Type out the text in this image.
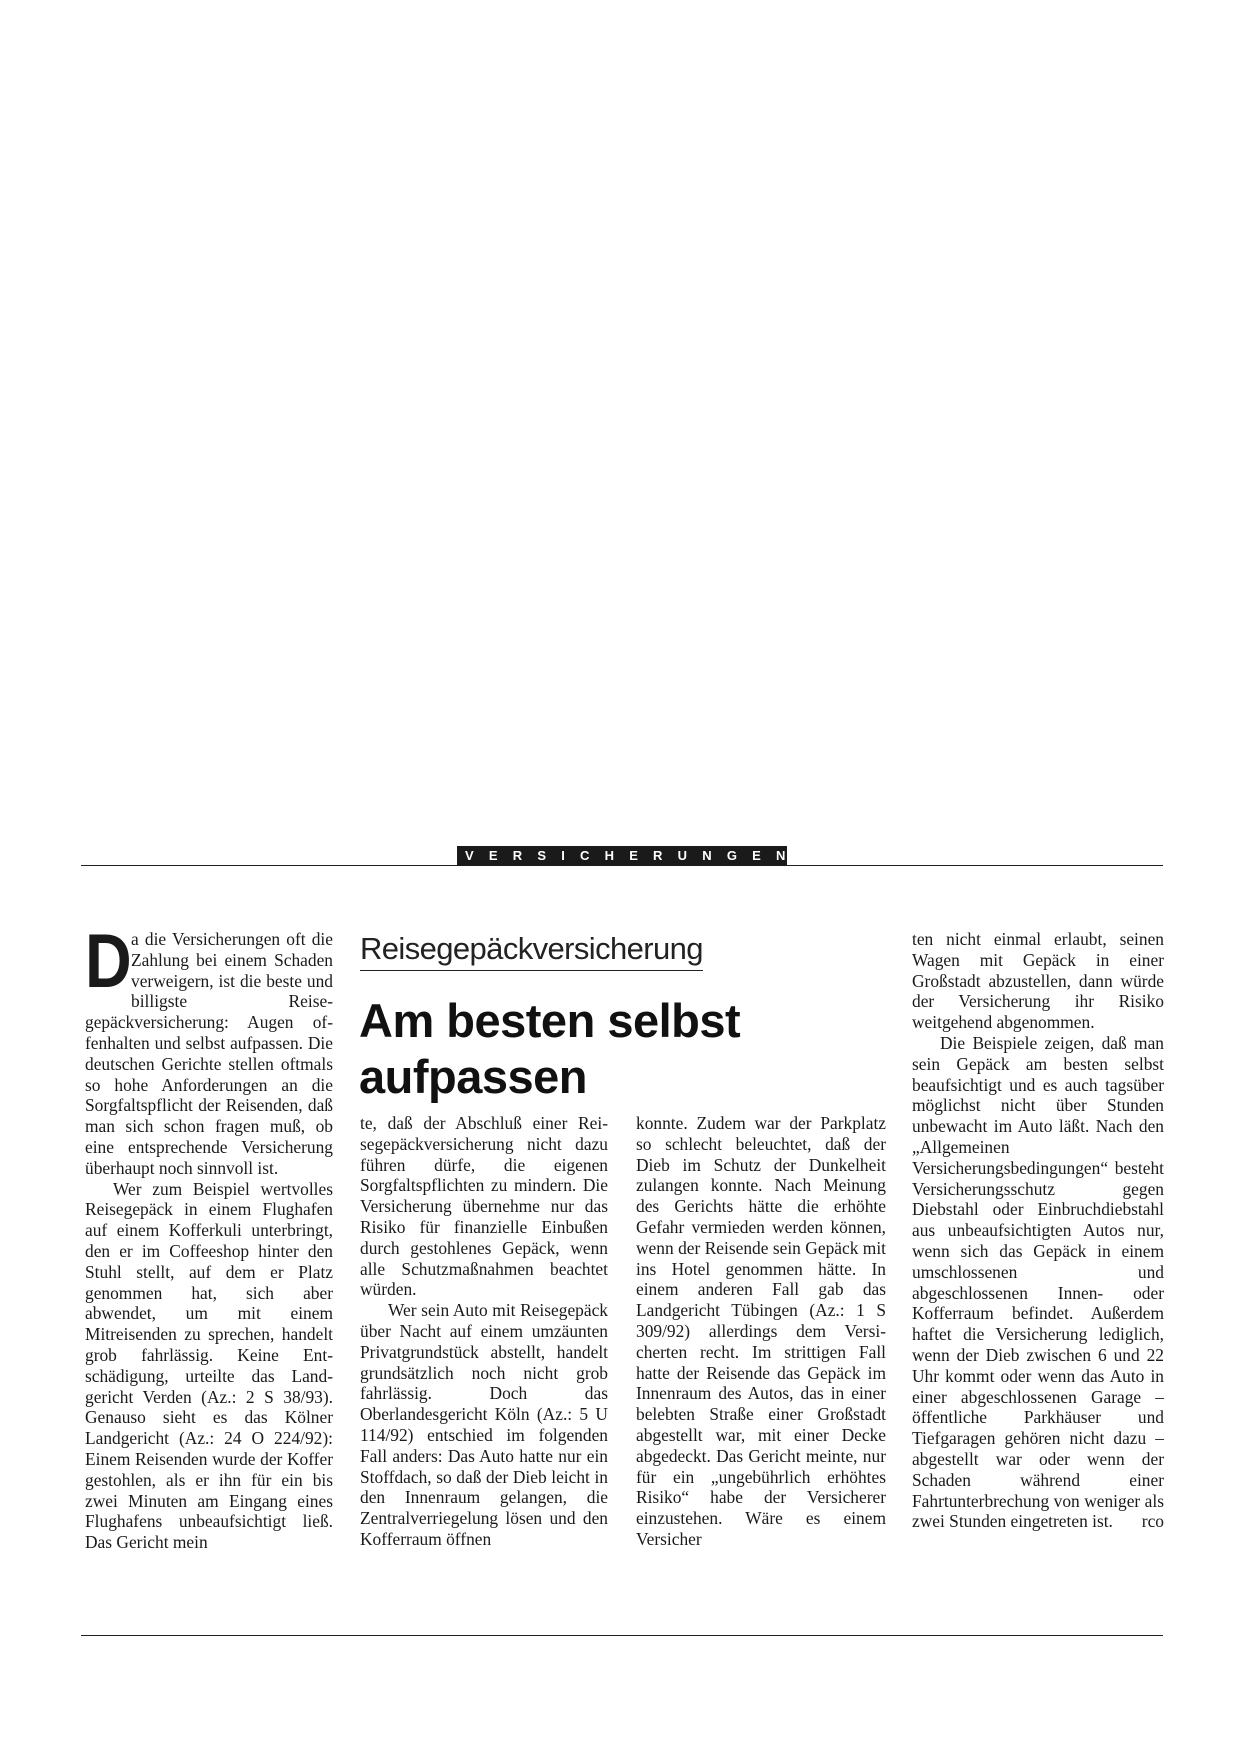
VERSICHERUNGEN
Reisegepäckversicherung
Am besten selbst aufpassen

Da die Versicherungen oft die Zahlung bei einem Schaden verweigern, ist die beste und billigste Reisegepäckversicherung: Augen offenhalten und selbst aufpassen. Die deutschen Gerichte stellen oftmals so hohe Anforderungen an die Sorgfaltspflicht der Reisenden, daß man sich schon fragen muß, ob eine entsprechende Versicherung überhaupt noch sinnvoll ist.

Wer zum Beispiel wertvolles Reisegepäck in einem Flughafen auf einem Kofferkuli unterbringt, den er im Coffeeshop hinter den Stuhl stellt, auf dem er Platz genommen hat, sich aber abwendet, um mit einem Mitreisenden zu sprechen, handelt grob fahrlässig. Keine Entschädigung, urteilte das Landgericht Verden (Az.: 2 S 38/93). Genauso sieht es das Kölner Landgericht (Az.: 24 O 224/92): Einem Reisenden wurde der Koffer gestohlen, als er ihn für ein bis zwei Minuten am Eingang eines Flughafens unbeaufsichtigt ließ. Das Gericht mein

te, daß der Abschluß einer Reisegepäckversicherung nicht dazu führen dürfe, die eigenen Sorgfaltspflichten zu mindern. Die Versicherung übernehme nur das Risiko für finanzielle Einbußen durch gestohlenes Gepäck, wenn alle Schutzmaßnahmen beachtet würden.

Wer sein Auto mit Reisegepäck über Nacht auf einem umzäunten Privatgrundstück abstellt, handelt grundsätzlich noch nicht grob fahrlässig. Doch das Oberlandesgericht Köln (Az.: 5 U 114/92) entschied im folgenden Fall anders: Das Auto hatte nur ein Stoffdach, so daß der Dieb leicht in den Innenraum gelangen, die Zentralverriegelung lösen und den Kofferraum öffnen

konnte. Zudem war der Parkplatz so schlecht beleuchtet, daß der Dieb im Schutz der Dunkelheit zulangen konnte. Nach Meinung des Gerichts hätte die erhöhte Gefahr vermieden werden können, wenn der Reisende sein Gepäck mit ins Hotel genommen hätte. In einem anderen Fall gab das Landgericht Tübingen (Az.: 1 S 309/92) allerdings dem Versicherten recht. Im strittigen Fall hatte der Reisende das Gepäck im Innenraum des Autos, das in einer belebten Straße einer Großstadt abgestellt war, mit einer Decke abgedeckt. Das Gericht meinte, nur für ein „ungebührlich erhöhtes Risiko“ habe der Versicherer einzustehen. Wäre es einem Versicher

ten nicht einmal erlaubt, seinen Wagen mit Gepäck in einer Großstadt abzustellen, dann würde der Versicherung ihr Risiko weitgehend abgenommen.

Die Beispiele zeigen, daß man sein Gepäck am besten selbst beaufsichtigt und es auch tagsüber möglichst nicht über Stunden unbewacht im Auto läßt. Nach den „Allgemeinen Versicherungsbedingungen“ besteht Versicherungsschutz gegen Diebstahl oder Einbruchdiebstahl aus unbeaufsichtigten Autos nur, wenn sich das Gepäck in einem umschlossenen und abgeschlossenen Innen- oder Kofferraum befindet. Außerdem haftet die Versicherung lediglich, wenn der Dieb zwischen 6 und 22 Uhr kommt oder wenn das Auto in einer abgeschlossenen Garage – öffentliche Parkhäuser und Tiefgaragen gehören nicht dazu – abgestellt war oder wenn der Schaden während einer Fahrtunterbrechung von weniger als zwei Stunden eingetreten ist.	rco
